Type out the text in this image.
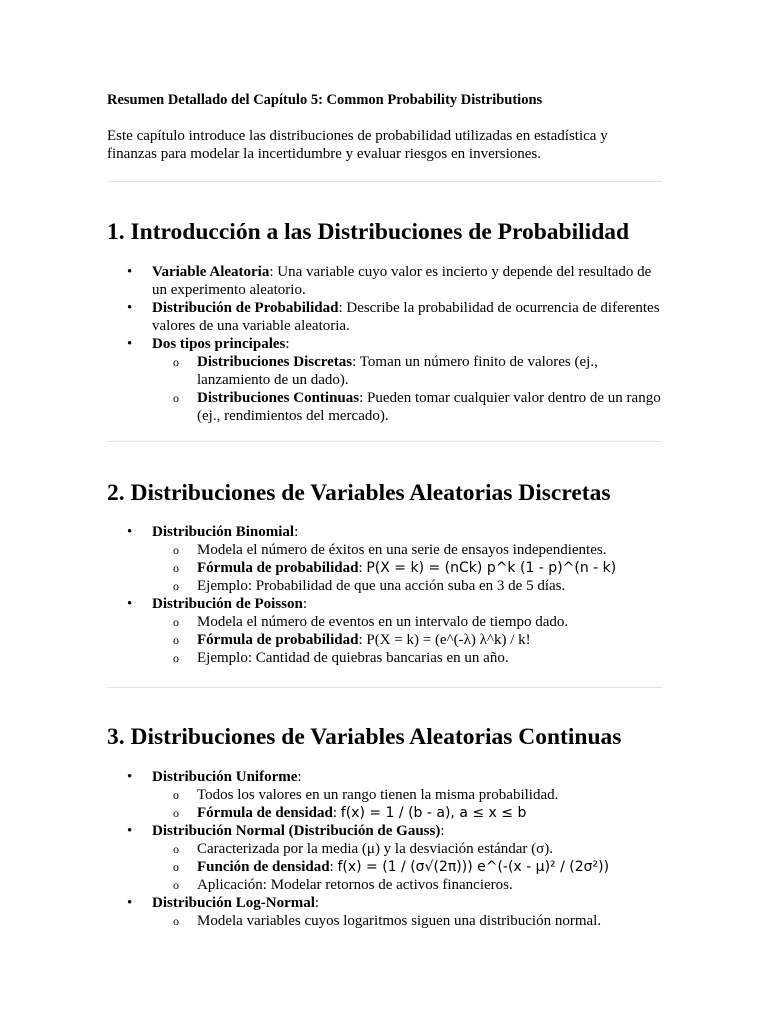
Resumen Detallado del Capítulo 5: Common Probability Distributions

Este capítulo introduce las distribuciones de probabilidad utilizadas en estadística y finanzas para modelar la incertidumbre y evaluar riesgos en inversiones.

1. Introducción a las Distribuciones de Probabilidad
• Variable Aleatoria: Una variable cuyo valor es incierto y depende del resultado de un experimento aleatorio.
• Distribución de Probabilidad: Describe la probabilidad de ocurrencia de diferentes valores de una variable aleatoria.
• Dos tipos principales:
o Distribuciones Discretas: Toman un número finito de valores (ej., lanzamiento de un dado).
o Distribuciones Continuas: Pueden tomar cualquier valor dentro de un rango (ej., rendimientos del mercado).
2. Distribuciones de Variables Aleatorias Discretas
• Distribución Binomial:
o Modela el número de éxitos en una serie de ensayos independientes.
o Fórmula de probabilidad: P(X = k) = (nCk) p^k (1 - p)^(n - k)
o Ejemplo: Probabilidad de que una acción suba en 3 de 5 días.
• Distribución de Poisson:
o Modela el número de eventos en un intervalo de tiempo dado.
o Fórmula de probabilidad: P(X = k) = (e^(-λ) λ^k) / k!
o Ejemplo: Cantidad de quiebras bancarias en un año.
3. Distribuciones de Variables Aleatorias Continuas
• Distribución Uniforme:
o Todos los valores en un rango tienen la misma probabilidad.
o Fórmula de densidad: f(x) = 1 / (b - a), a ≤ x ≤ b
• Distribución Normal (Distribución de Gauss):
o Caracterizada por la media (μ) y la desviación estándar (σ).
o Función de densidad: f(x) = (1 / (σ√(2π))) e^(-(x - μ)² / (2σ²))
o Aplicación: Modelar retornos de activos financieros.
• Distribución Log-Normal:
o Modela variables cuyos logaritmos siguen una distribución normal.
